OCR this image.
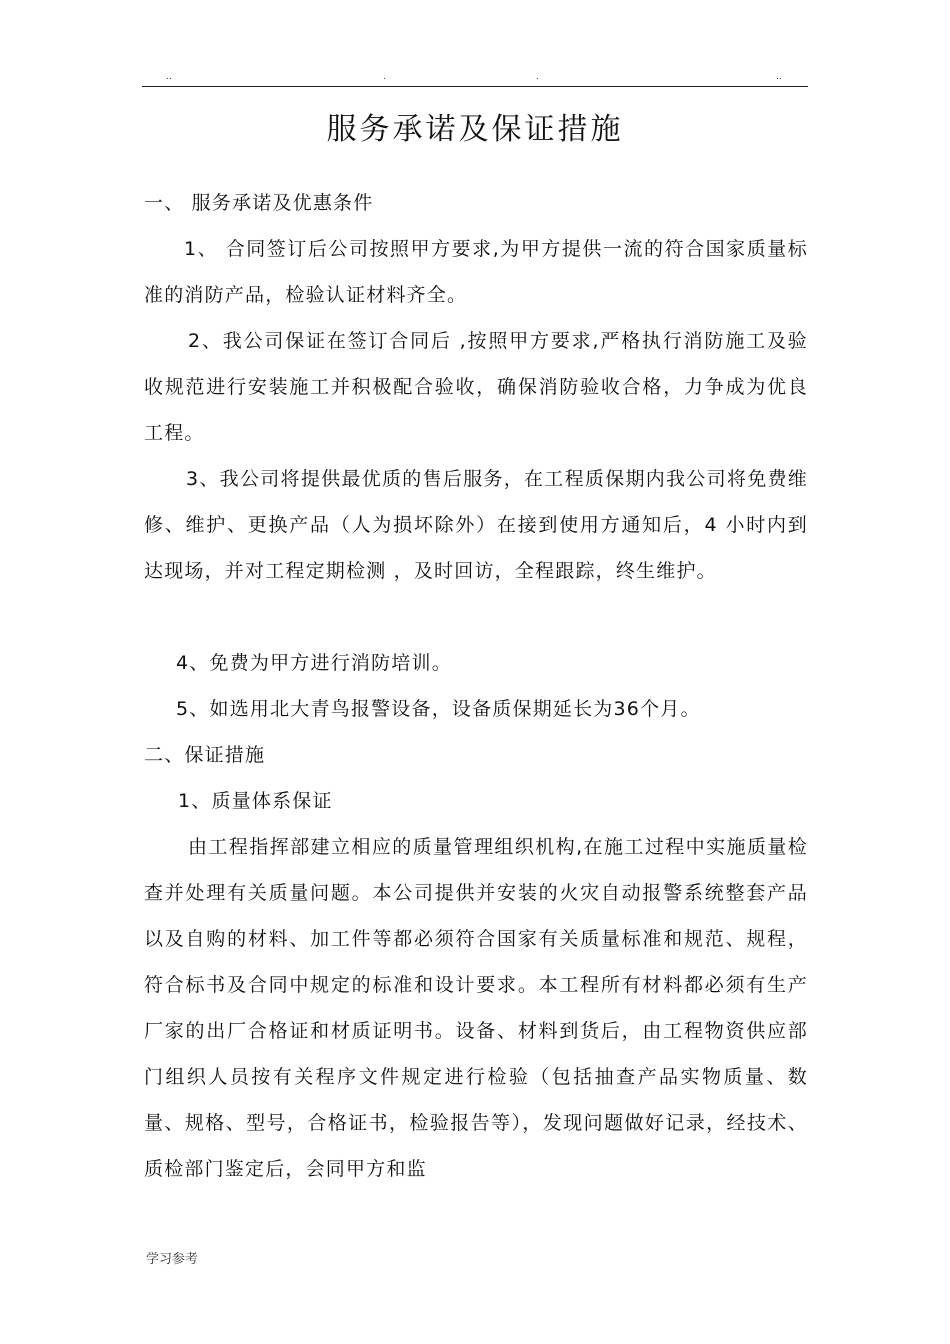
..	.	.	..
服务承诺及保证措施

一、 服务承诺及优惠条件

1、 合同签订后公司按照甲方要求,为甲方提供一流的符合国家质量标准的消防产品，检验认证材料齐全。

2、我公司保证在签订合同后 ,按照甲方要求,严格执行消防施工及验收规范进行安装施工并积极配合验收，确保消防验收合格，力争成为优良工程。

3、我公司将提供最优质的售后服务，在工程质保期内我公司将免费维修、维护、更换产品（人为损坏除外）在接到使用方通知后，4 小时内到达现场，并对工程定期检测 ，及时回访，全程跟踪，终生维护。

4、免费为甲方进行消防培训。

5、如选用北大青鸟报警设备，设备质保期延长为36个月。

二、保证措施

1、质量体系保证

由工程指挥部建立相应的质量管理组织机构,在施工过程中实施质量检查并处理有关质量问题。本公司提供并安装的火灾自动报警系统整套产品以及自购的材料、加工件等都必须符合国家有关质量标准和规范、规程，符合标书及合同中规定的标准和设计要求。本工程所有材料都必须有生产厂家的出厂合格证和材质证明书。设备、材料到货后，由工程物资供应部门组织人员按有关程序文件规定进行检验（包括抽查产品实物质量、数量、规格、型号，合格证书，检验报告等），发现问题做好记录，经技术、质检部门鉴定后，会同甲方和监

学习参考
